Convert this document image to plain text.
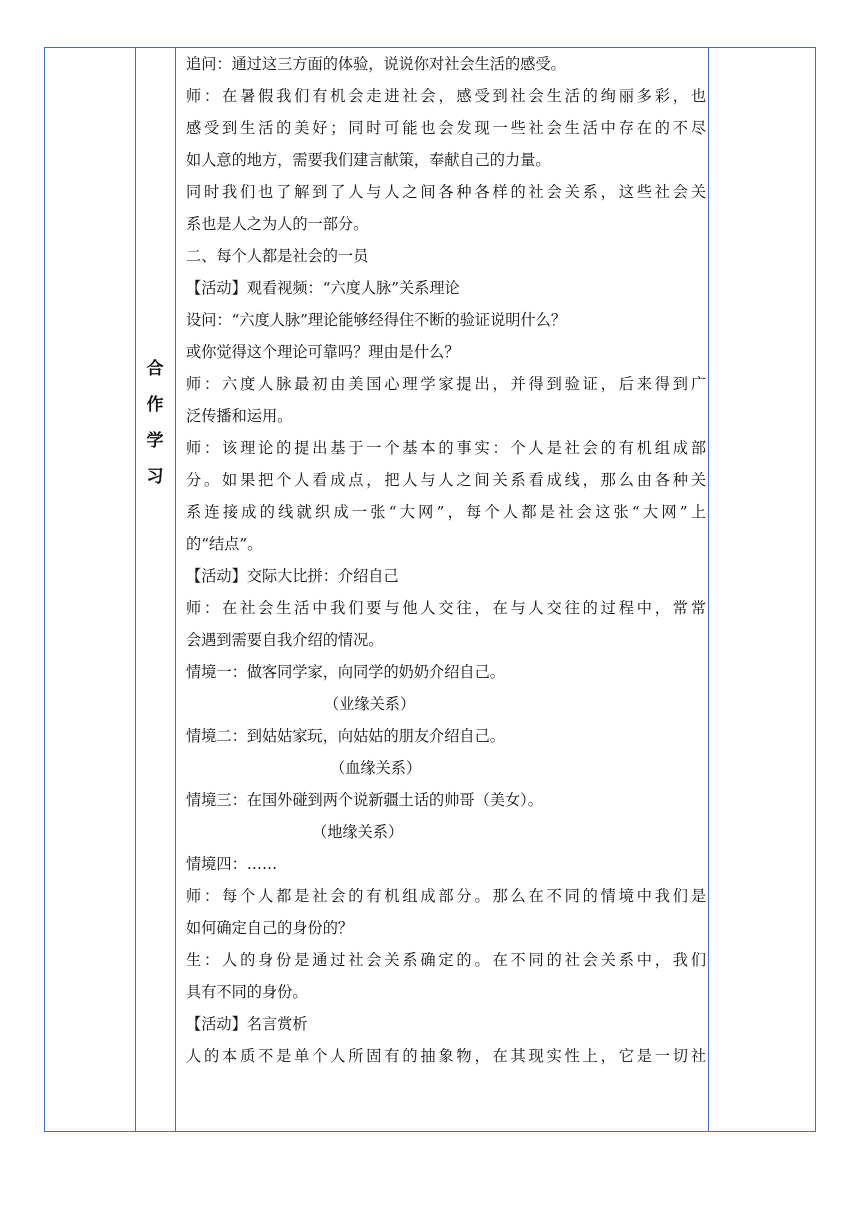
合
作
学
习
追问：通过这三方面的体验，说说你对社会生活的感受。
师：在暑假我们有机会走进社会，感受到社会生活的绚丽多彩，也
感受到生活的美好；同时可能也会发现一些社会生活中存在的不尽
如人意的地方，需要我们建言献策，奉献自己的力量。
同时我们也了解到了人与人之间各种各样的社会关系，这些社会关
系也是人之为人的一部分。
二、每个人都是社会的一员
【活动】观看视频：“六度人脉”关系理论
设问：“六度人脉”理论能够经得住不断的验证说明什么？
或你觉得这个理论可靠吗？理由是什么？
师：六度人脉最初由美国心理学家提出，并得到验证，后来得到广
泛传播和运用。
师：该理论的提出基于一个基本的事实：个人是社会的有机组成部
分。如果把个人看成点，把人与人之间关系看成线，那么由各种关
系连接成的线就织成一张“大网”，每个人都是社会这张“大网”上
的“结点”。
【活动】交际大比拼：介绍自己
师：在社会生活中我们要与他人交往，在与人交往的过程中，常常
会遇到需要自我介绍的情况。
情境一：做客同学家，向同学的奶奶介绍自己。
（业缘关系）
情境二：到姑姑家玩，向姑姑的朋友介绍自己。
（血缘关系）
情境三：在国外碰到两个说新疆土话的帅哥（美女）。
（地缘关系）
情境四：……
师：每个人都是社会的有机组成部分。那么在不同的情境中我们是
如何确定自己的身份的？
生：人的身份是通过社会关系确定的。在不同的社会关系中，我们
具有不同的身份。
【活动】名言赏析
人的本质不是单个人所固有的抽象物，在其现实性上，它是一切社
